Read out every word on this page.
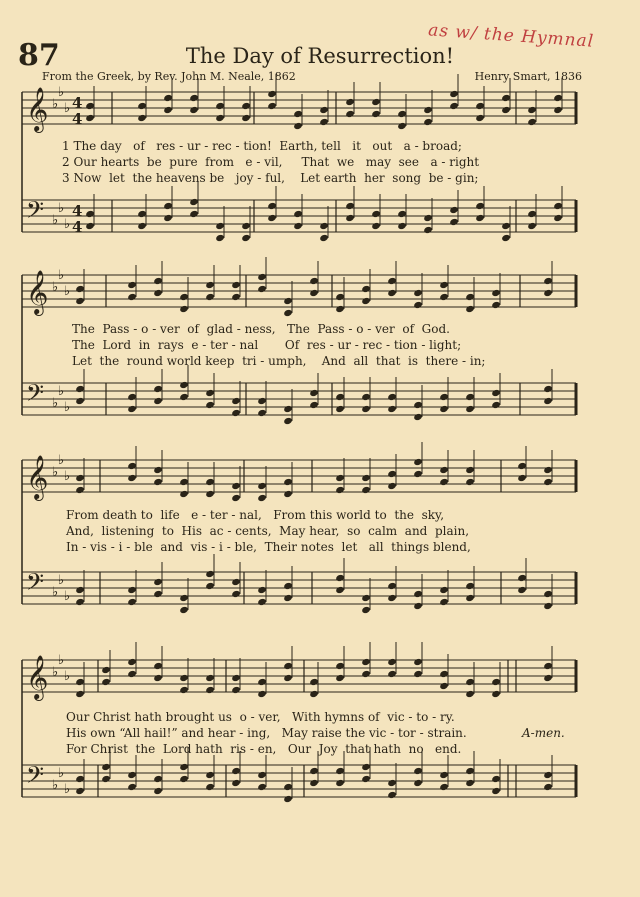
87	The Day of Resurrection!
From the Greek, by Rev. John M. Neale, 1862	Henry Smart, 1836
as w/ the Hymnal
𝄞 ♭
♭
♭ 4
4
𝄢 ♭
♭
♭
4
4
𝄞 ♭
♭
♭
𝄢 ♭
♭
♭
𝄞 ♭
♭
♭
𝄢 ♭
♭
♭
𝄞 ♭
♭
♭
𝄢 ♭
♭
♭
1 The day   of   res - ur - rec - tion!  Earth, tell   it   out   a - broad;
2 Our hearts  be  pure  from   e - vil,     That  we   may  see   a - right
3 Now  let  the heavens be   joy - ful,    Let earth  her  song  be - gin;
The  Pass - o - ver  of  glad - ness,   The  Pass - o - ver  of  God.
The  Lord  in  rays  e - ter - nal       Of  res - ur - rec - tion - light;
Let  the  round world keep  tri - umph,    And  all  that  is  there - in;
From death to  life   e - ter - nal,   From this world to  the  sky,
And,  listening  to  His  ac - cents,  May hear,  so  calm  and  plain,
In - vis - i - ble  and  vis - i - ble,  Their notes  let   all  things blend,
Our Christ hath brought us  o - ver,   With hymns of  vic - to - ry.
His own “All hail!” and hear - ing,   May raise the vic - tor - strain.
For Christ  the  Lord hath  ris - en,   Our  Joy  that hath  no   end.
A-men.
